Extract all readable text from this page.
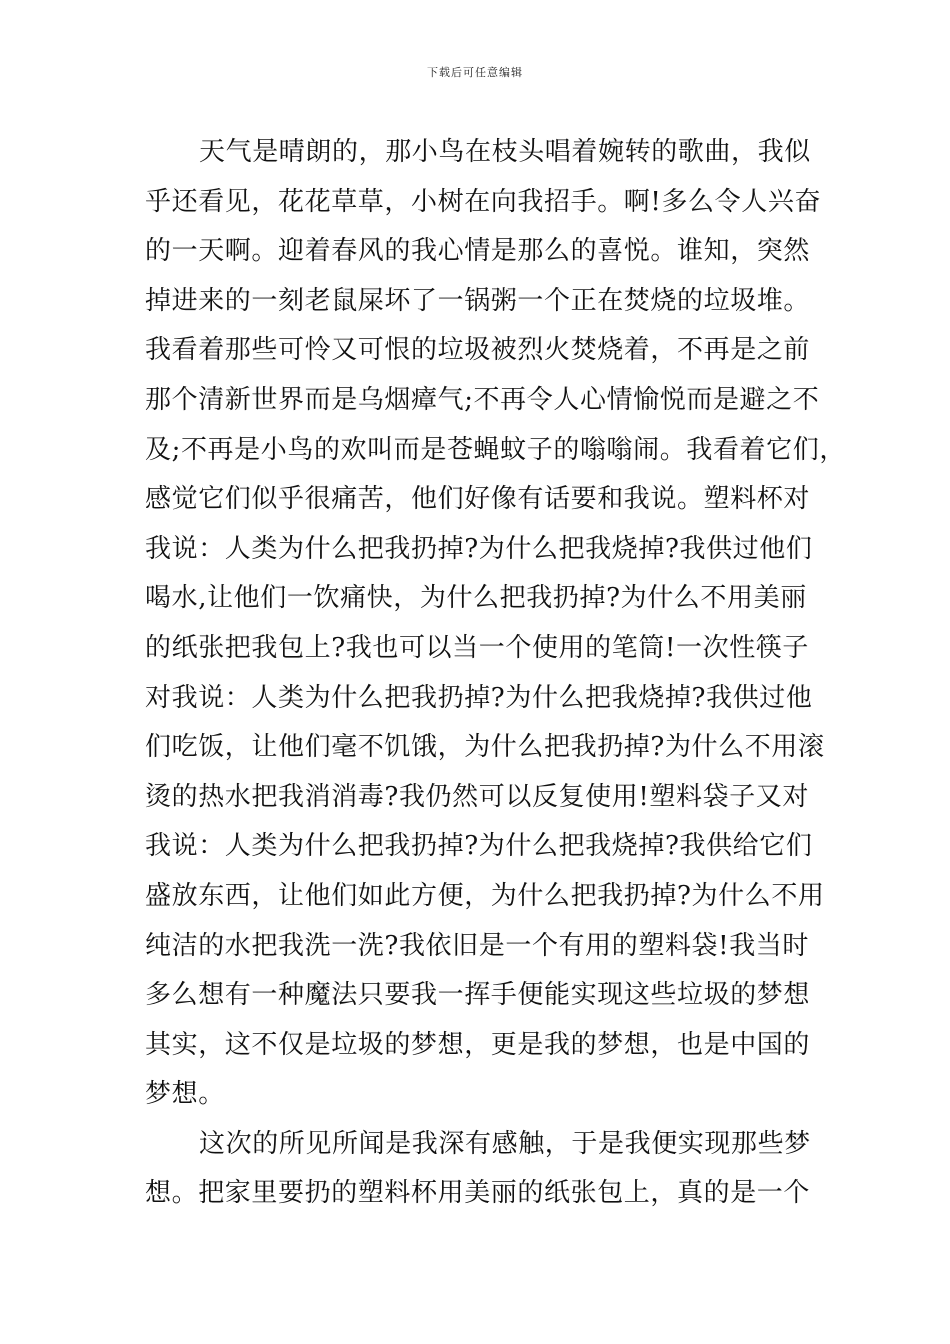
下载后可任意编辑
天气是晴朗的，那小鸟在枝头唱着婉转的歌曲，我似
乎还看见，花花草草，小树在向我招手。啊!多么令人兴奋
的一天啊。迎着春风的我心情是那么的喜悦。谁知，突然
掉进来的一刻老鼠屎坏了一锅粥一个正在焚烧的垃圾堆。
我看着那些可怜又可恨的垃圾被烈火焚烧着，不再是之前
那个清新世界而是乌烟瘴气;不再令人心情愉悦而是避之不
及;不再是小鸟的欢叫而是苍蝇蚊子的嗡嗡闹。我看着它们，
感觉它们似乎很痛苦，他们好像有话要和我说。塑料杯对
我说：人类为什么把我扔掉?为什么把我烧掉?我供过他们
喝水,让他们一饮痛快，为什么把我扔掉?为什么不用美丽
的纸张把我包上?我也可以当一个使用的笔筒!一次性筷子
对我说：人类为什么把我扔掉?为什么把我烧掉?我供过他
们吃饭，让他们毫不饥饿，为什么把我扔掉?为什么不用滚
烫的热水把我消消毒?我仍然可以反复使用!塑料袋子又对
我说：人类为什么把我扔掉?为什么把我烧掉?我供给它们
盛放东西，让他们如此方便，为什么把我扔掉?为什么不用
纯洁的水把我洗一洗?我依旧是一个有用的塑料袋!我当时
多么想有一种魔法只要我一挥手便能实现这些垃圾的梦想
其实，这不仅是垃圾的梦想，更是我的梦想，也是中国的
梦想。
这次的所见所闻是我深有感触，于是我便实现那些梦
想。把家里要扔的塑料杯用美丽的纸张包上，真的是一个
